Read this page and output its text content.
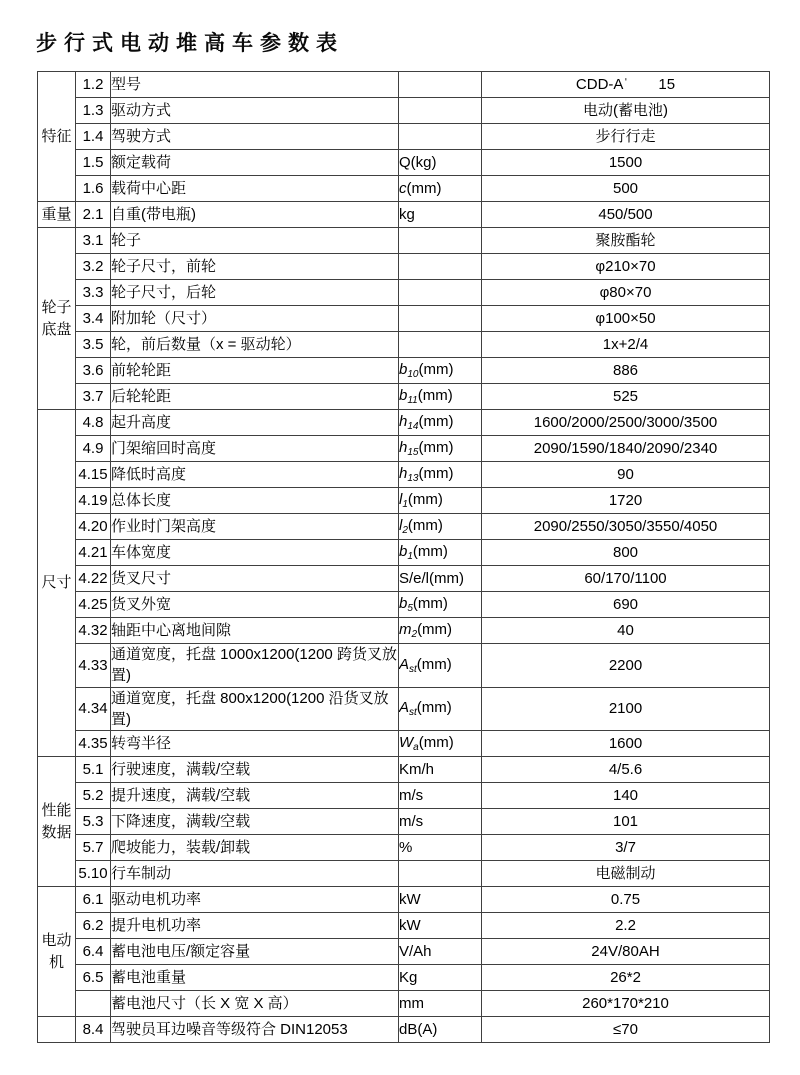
步行式电动堆高车参数表
特征	1.2	型号		CDD-Aˈ　　15
	1.3	驱动方式		电动(蓄电池)
	1.4	驾驶方式		步行行走
	1.5	额定载荷	Q(kg)	1500
	1.6	载荷中心距	c(mm)	500
重量	2.1	自重(带电瓶)	kg	450/500
轮子底盘	3.1	轮子		聚胺酯轮
	3.2	轮子尺寸，前轮		φ210×70
	3.3	轮子尺寸，后轮		φ80×70
	3.4	附加轮（尺寸）		φ100×50
	3.5	轮，前后数量（x = 驱动轮）		1x+2/4
	3.6	前轮轮距	$b_{10}(mm)$	886
	3.7	后轮轮距	$b_{11}(mm)$	525
尺寸	4.8	起升高度	$h_{14}(mm)$	1600/2000/2500/3000/3500
	4.9	门架缩回时高度	$h_{15}(mm)$	2090/1590/1840/2090/2340
	4.15	降低时高度	$h_{13}(mm)$	90
	4.19	总体长度	$l_1(mm)$	1720
	4.20	作业时门架高度	$l_2(mm)$	2090/2550/3050/3550/4050
	4.21	车体宽度	$b_1(mm)$	800
	4.22	货叉尺寸	S/e/l(mm)	60/170/1100
	4.25	货叉外宽	$b_5(mm)$	690
	4.32	轴距中心离地间隙	$m_2(mm)$	40
	4.33	通道宽度，托盘 1000x1200(1200 跨货叉放置)	$A_{st}(mm)$	2200
	4.34	通道宽度，托盘 800x1200(1200 沿货叉放置)	$A_{st}(mm)$	2100
	4.35	转弯半径	$W_a(mm)$	1600
性能数据	5.1	行驶速度，满载/空载	Km/h	4/5.6
	5.2	提升速度，满载/空载	m/s	140
	5.3	下降速度，满载/空载	m/s	101
	5.7	爬坡能力，装载/卸载	%	3/7
	5.10	行车制动		电磁制动
电动机	6.1	驱动电机功率	kW	0.75
	6.2	提升电机功率	kW	2.2
	6.4	蓄电池电压/额定容量	V/Ah	24V/80AH
	6.5	蓄电池重量	Kg	26*2
		蓄电池尺寸（长 X 宽 X 高）	mm	260*170*210
	8.4	驾驶员耳边噪音等级符合 DIN12053	dB(A)	≤70
